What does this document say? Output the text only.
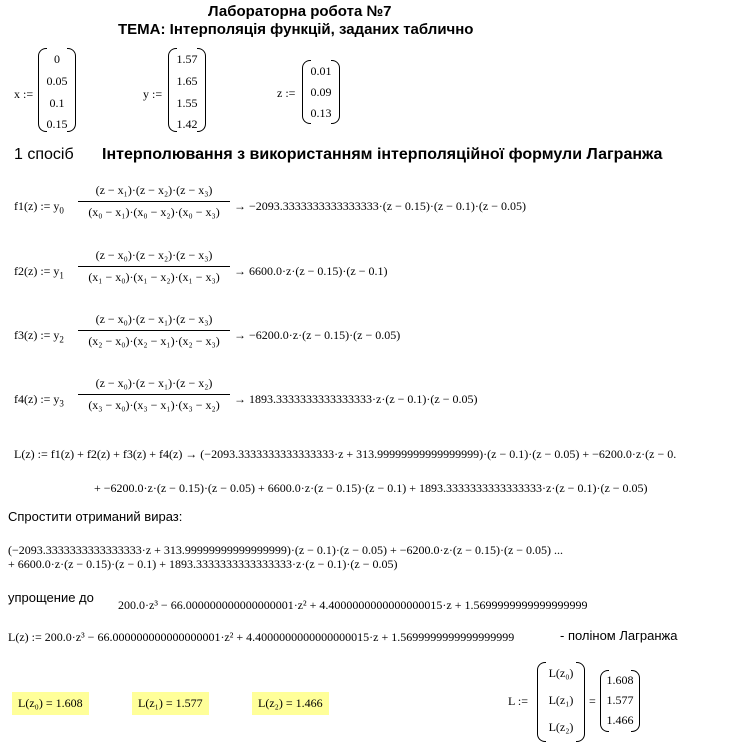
Лабораторна робота №7
ТЕМА: Інтерполяція функцій, заданих таблично
x :=
0
0.05
0.1
0.15
y :=
1.57
1.65
1.55
1.42
z :=
0.01
0.09
0.13
1 спосіб Інтерполювання з використанням інтерполяційної формули Лагранжа
f1(z) := $y_0$
(z − x₁)·(z − x₂)·(z − x₃)
(x₀ − x₁)·(x₀ − x₂)·(x₀ − x₃)	→ −2093.3333333333333333·(z − 0.15)·(z − 0.1)·(z − 0.05)
f2(z) := $y_1$
(z − x₀)·(z − x₂)·(z − x₃)
(x₁ − x₀)·(x₁ − x₂)·(x₁ − x₃)	→ 6600.0·z·(z − 0.15)·(z − 0.1)
f3(z) := $y_2$
(z − x₀)·(z − x₁)·(z − x₃)
(x₂ − x₀)·(x₂ − x₁)·(x₂ − x₃)	→ −6200.0·z·(z − 0.15)·(z − 0.05)
f4(z) := $y_3$
(z − x₀)·(z − x₁)·(z − x₂)
(x₃ − x₀)·(x₃ − x₁)·(x₃ − x₂)	→ 1893.3333333333333333·z·(z − 0.1)·(z − 0.05)
L(z) := f1(z) + f2(z) + f3(z) + f4(z) → (−2093.3333333333333333·z + 313.99999999999999999)·(z − 0.1)·(z − 0.05) + −6200.0·z·(z − 0.
+ −6200.0·z·(z − 0.15)·(z − 0.05) + 6600.0·z·(z − 0.15)·(z − 0.1) + 1893.3333333333333333·z·(z − 0.1)·(z − 0.05)
Спростити отриманий вираз:
(−2093.3333333333333333·z + 313.99999999999999999)·(z − 0.1)·(z − 0.05) + −6200.0·z·(z − 0.15)·(z − 0.05) ...
+ 6600.0·z·(z − 0.15)·(z − 0.1) + 1893.3333333333333333·z·(z − 0.1)·(z − 0.05)
упрощение до 200.0·z³ − 66.000000000000000001·z² + 4.4000000000000000015·z + 1.5699999999999999999
L(z) := 200.0·z³ − 66.000000000000000001·z² + 4.4000000000000000015·z + 1.5699999999999999999	- поліном Лагранжа
L(z₀) = 1.608	L(z₁) = 1.577	L(z₂) = 1.466	L :=
L(z₀)
L(z₁)
L(z₂)
=
1.608
1.577
1.466
